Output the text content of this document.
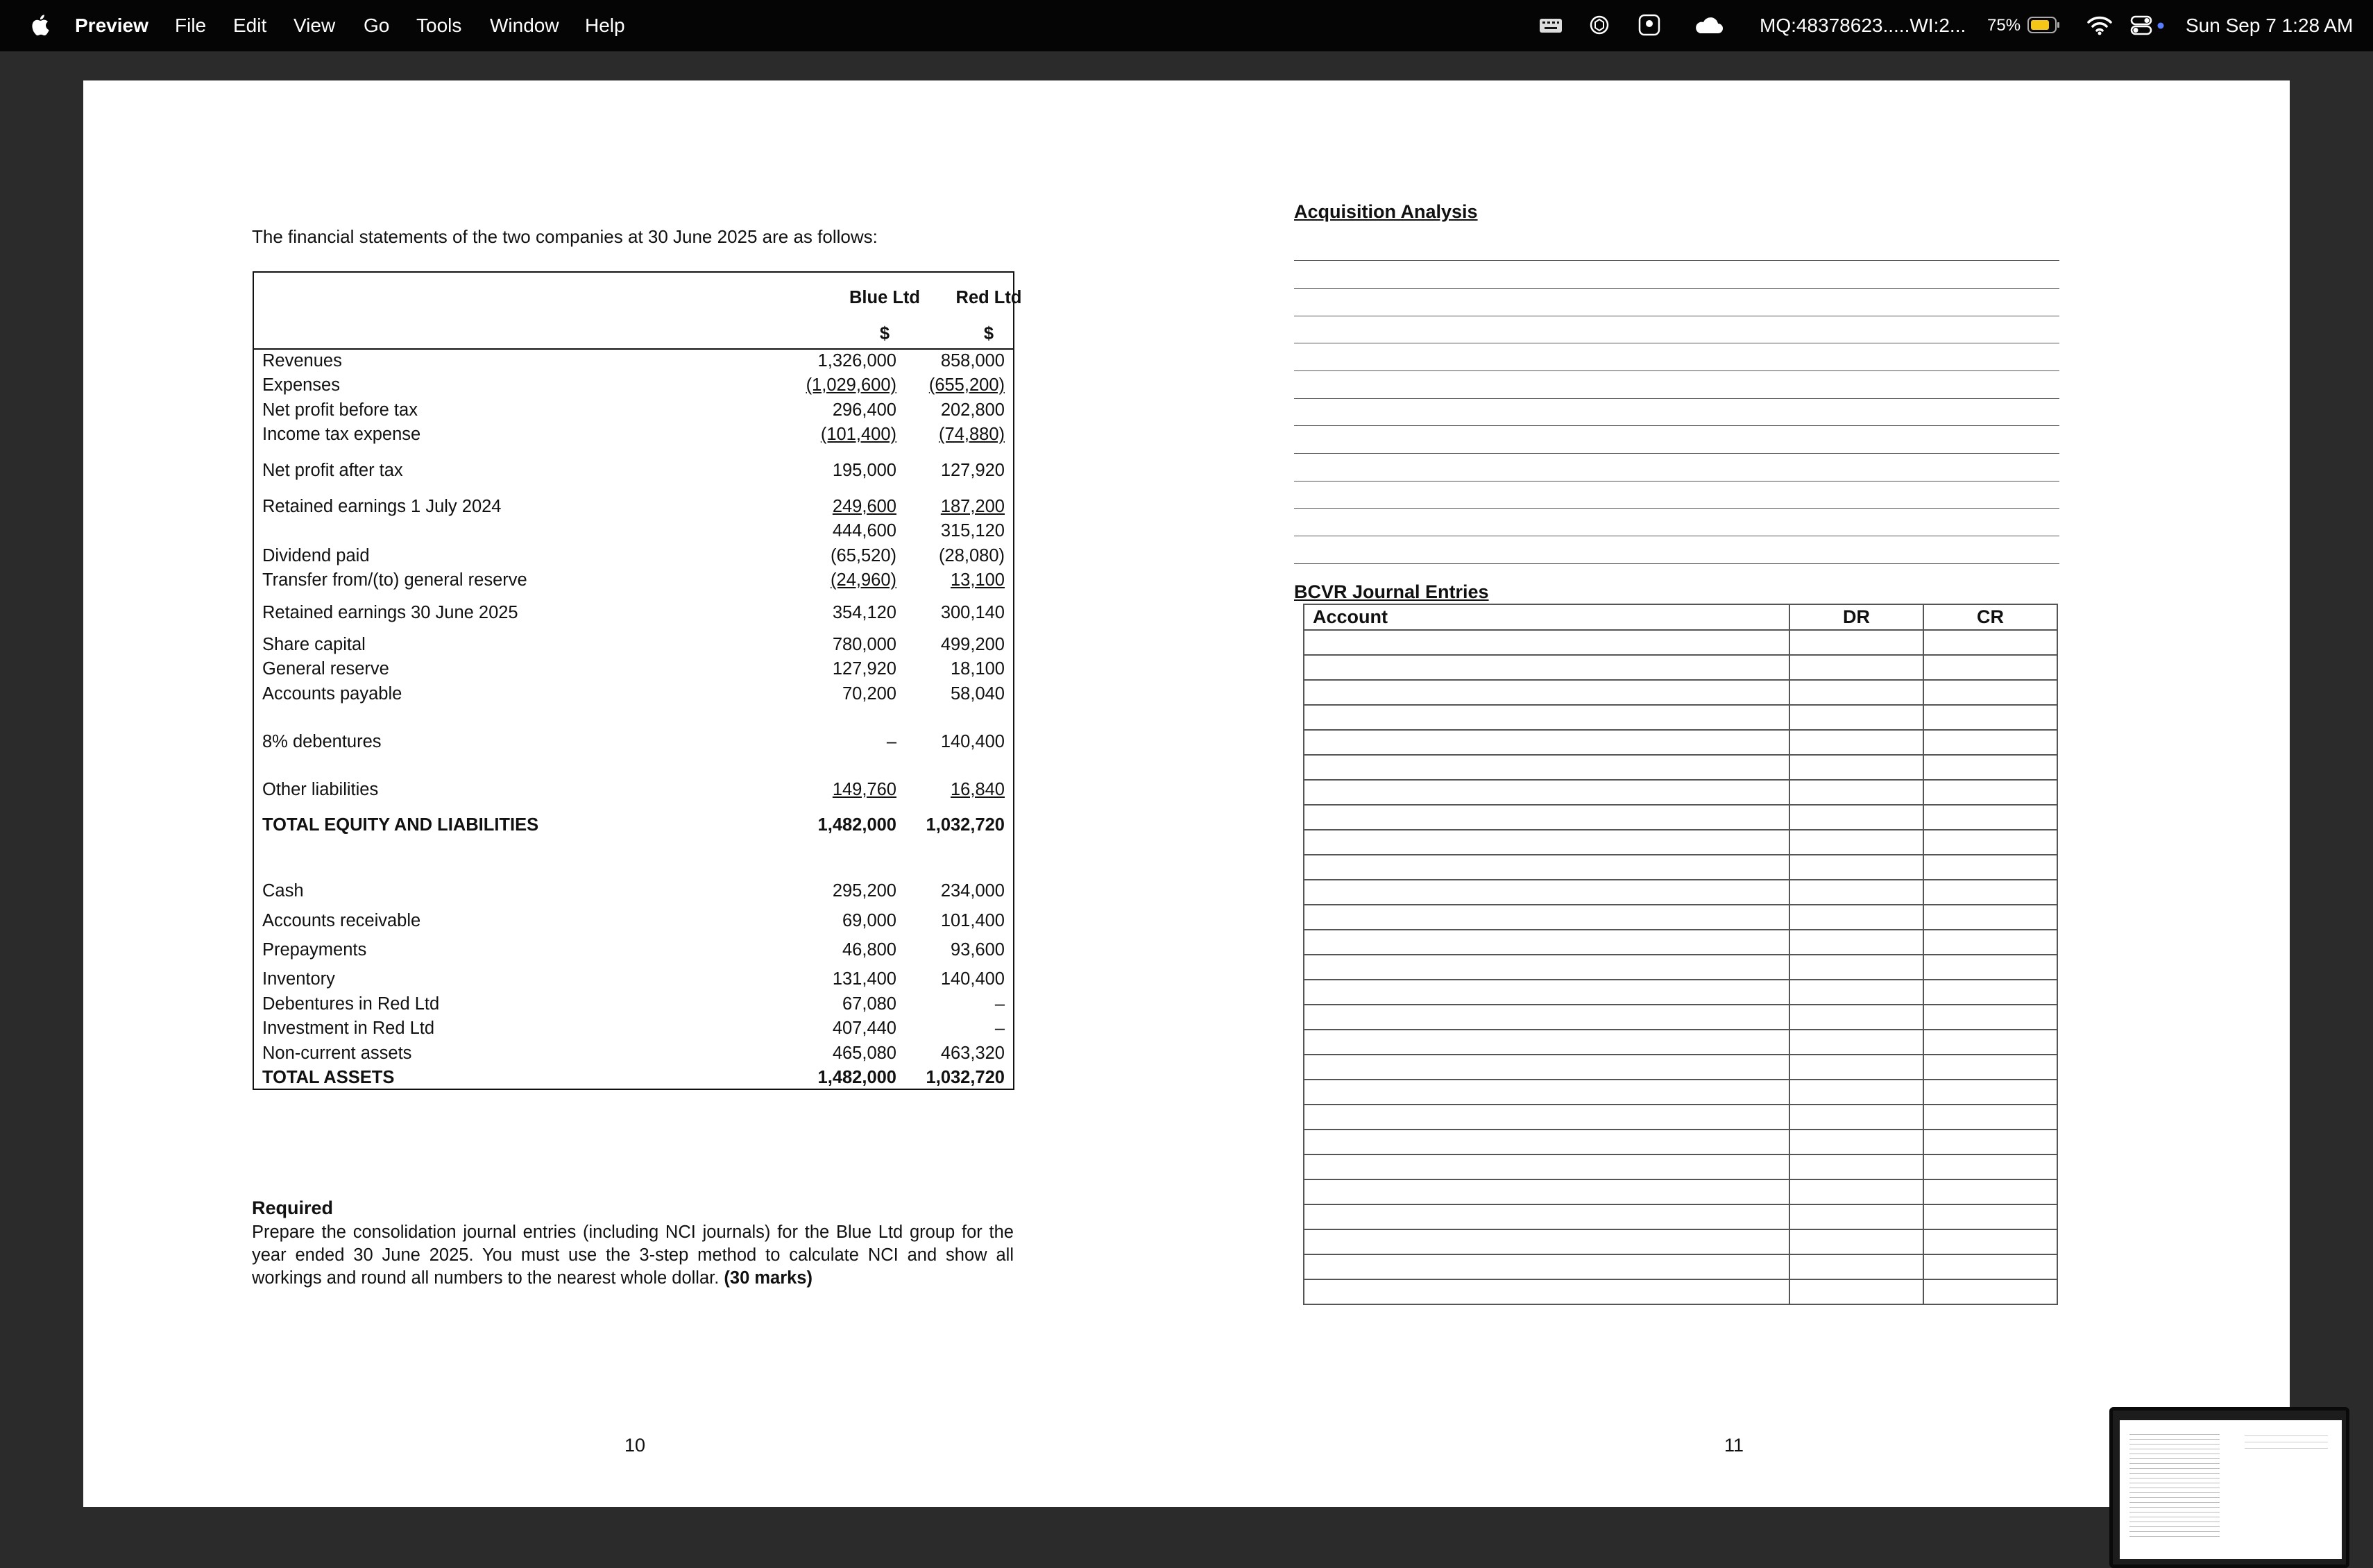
Preview File Edit View Go Tools Window Help	MQ:48378623.....WI:2... 75%	Sun Sep 7 1:28 AM
The financial statements of the two companies at 30 June 2025 are as follows:
Blue Ltd	Red Ltd
$	$
Revenues	1,326,000	858,000
Expenses	(1,029,600) (655,200)
Net profit before tax	296,400	202,800
Income tax expense	(101,400) (74,880)
Net profit after tax	195,000	127,920
Retained earnings 1 July 2024	249,600	187,200
444,600	315,120
Dividend paid	(65,520) (28,080)
Transfer from/(to) general reserve	(24,960)	13,100
Retained earnings 30 June 2025	354,120	300,140
Share capital	780,000	499,200
General reserve	127,920	18,100
Accounts payable	70,200	58,040
8% debentures	–	140,400
Other liabilities	149,760	16,840
TOTAL EQUITY AND LIABILITIES	1,482,000 1,032,720
Cash	295,200	234,000
Accounts receivable	69,000	101,400
Prepayments	46,800	93,600
Inventory	131,400	140,400
Debentures in Red Ltd	67,080	–
Investment in Red Ltd	407,440	–
Non-current assets	465,080	463,320
TOTAL ASSETS	1,482,000 1,032,720
Required
Prepare the consolidation journal entries (including NCI journals) for the Blue Ltd group for the year ended 30 June 2025. You must use the 3-step method to calculate NCI and show all workings and round all numbers to the nearest whole dollar. (30 marks)
10
Acquisition Analysis
BCVR Journal Entries
Account	DR	CR

11
